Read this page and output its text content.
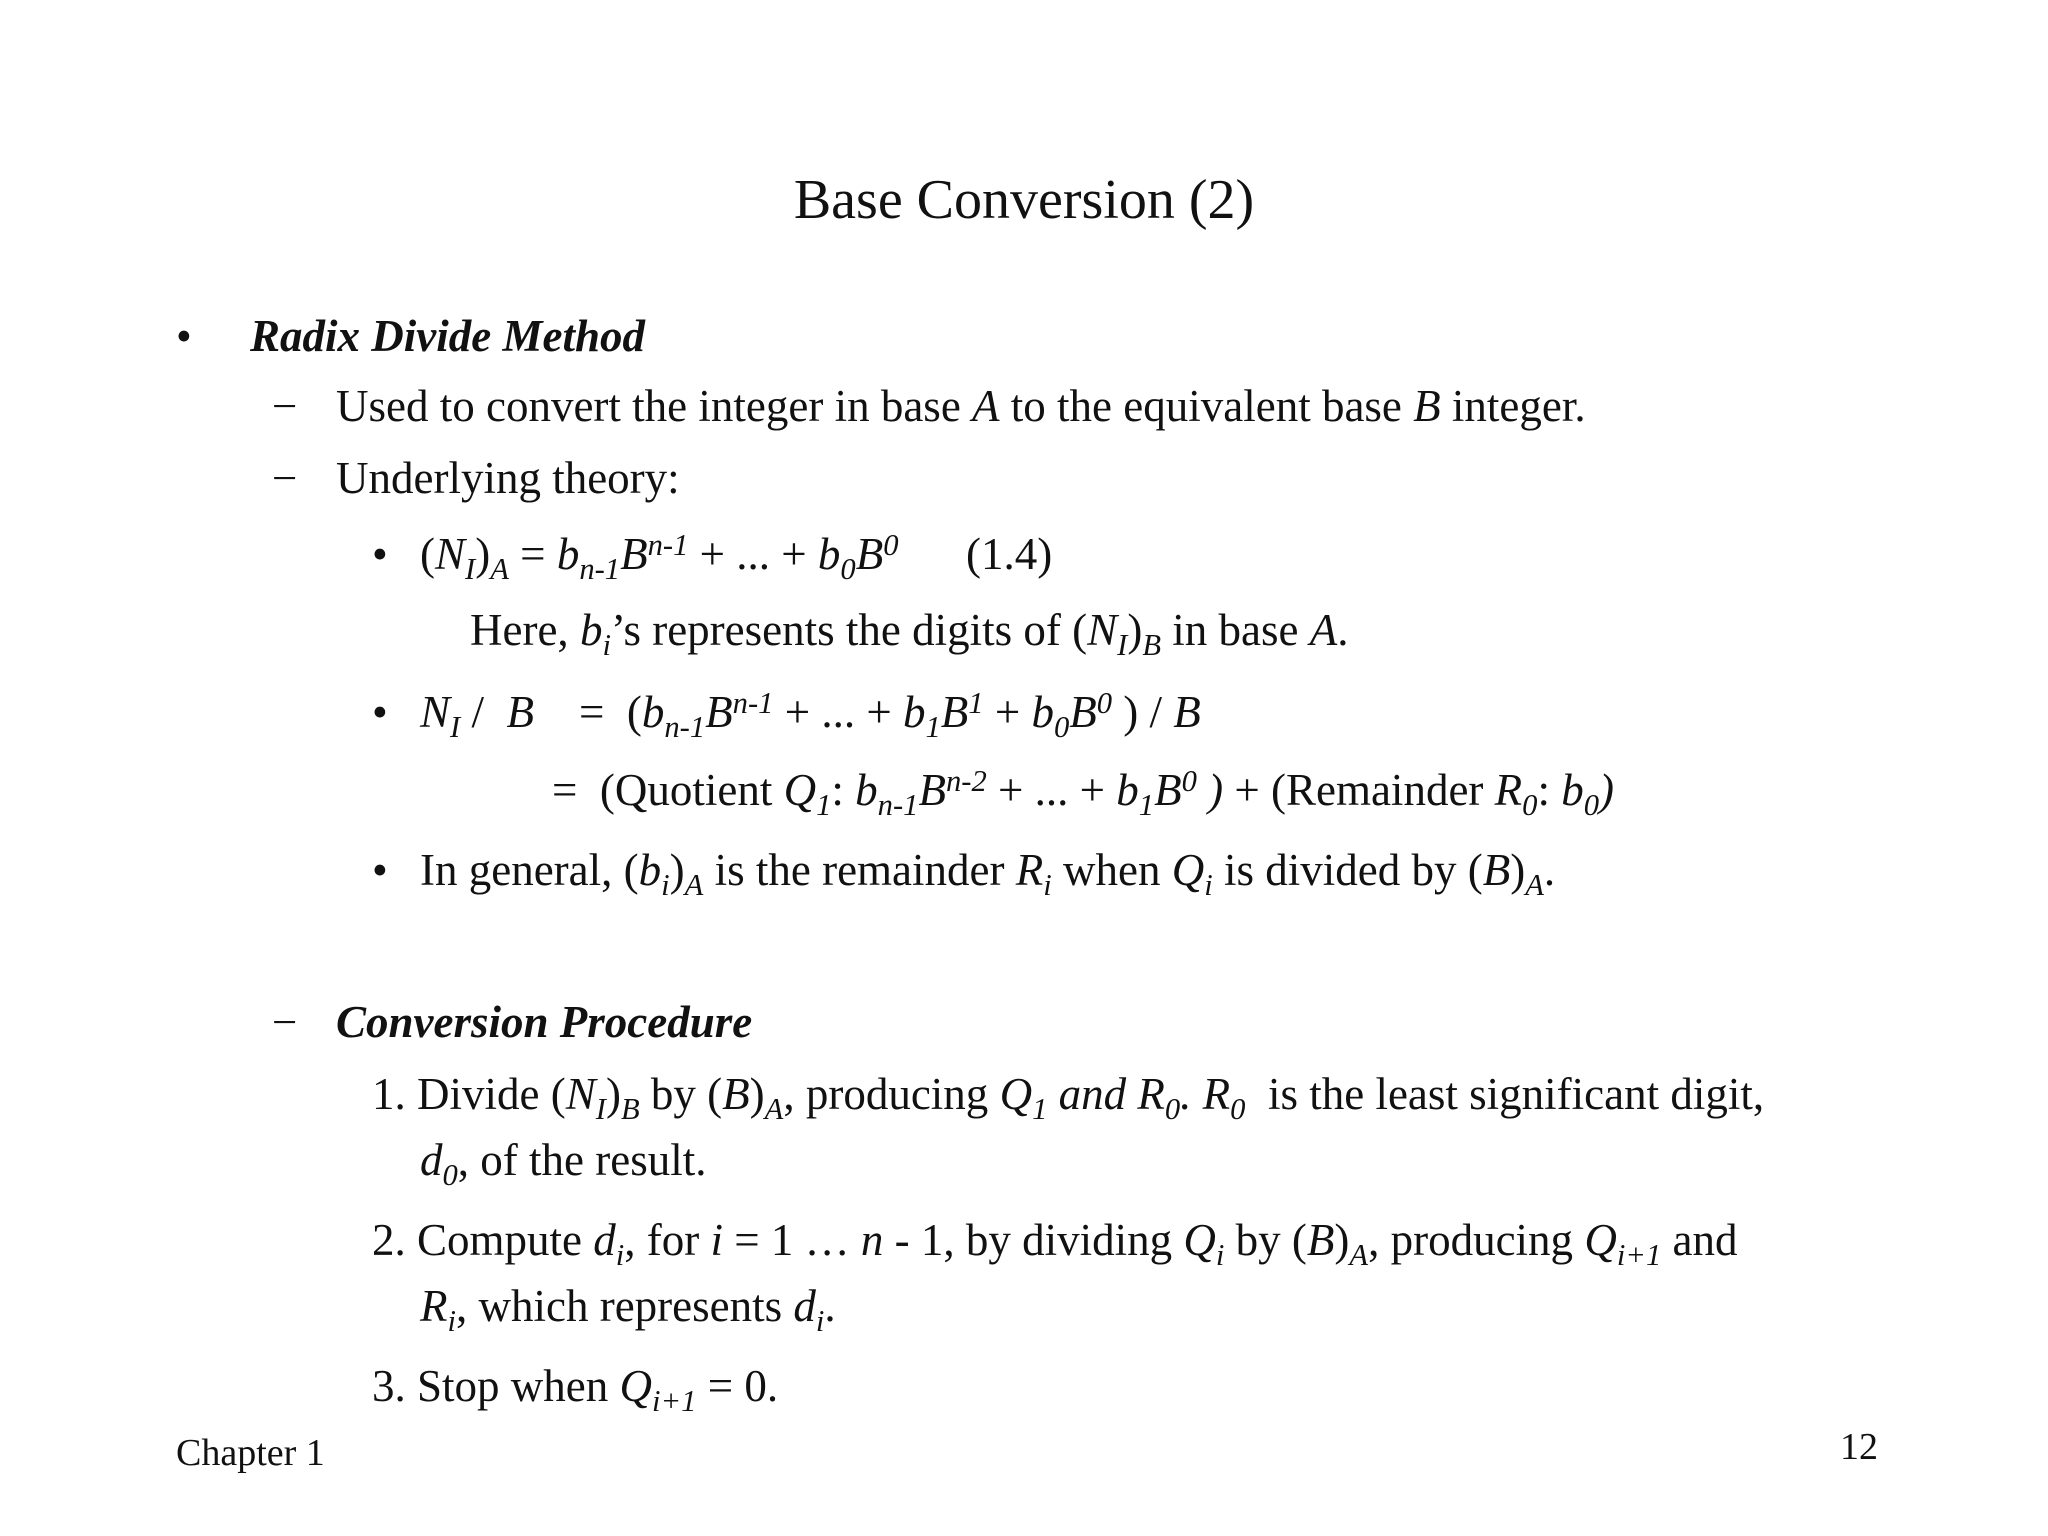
Base Conversion (2)
• Radix Divide Method
− Used to convert the integer in base A to the equivalent base B integer.
− Underlying theory:
• $(N_I)_A = b_{n-1}B^{n-1}$ + ... + $b_0B^0$      (1.4)
Here, $b_i’s$ represents the digits of $(N_I)_B$ in base A.
• $N_I$ /  B    =  ($b_{n-1}B^{n-1}$ + ... + $b_1B^1 + b_0B^0$ ) / B
=  (Quotient $Q_1$: $b_{n-1}B^{n-2}$ + ... + $b_1B^0$ ) + (Remainder $R_0$: $b_0$)
• In general, $(b_i)_A$ is the remainder $R_i$ when $Q_i$ is divided by $(B)_A$.
− Conversion Procedure
1. Divide $(N_I)_B$ by $(B)_A$, producing $Q_1$ and $R_0$. $R_0$  is the least significant digit,
$d_0$, of the result.
2. Compute $d_i$, for i = 1 … n - 1, by dividing $Q_i$ by $(B)_A$, producing $Q_{i+1}$ and
$R_i$, which represents $d_i$.
3. Stop when $Q_{i+1} = 0$.
Chapter 1	12
